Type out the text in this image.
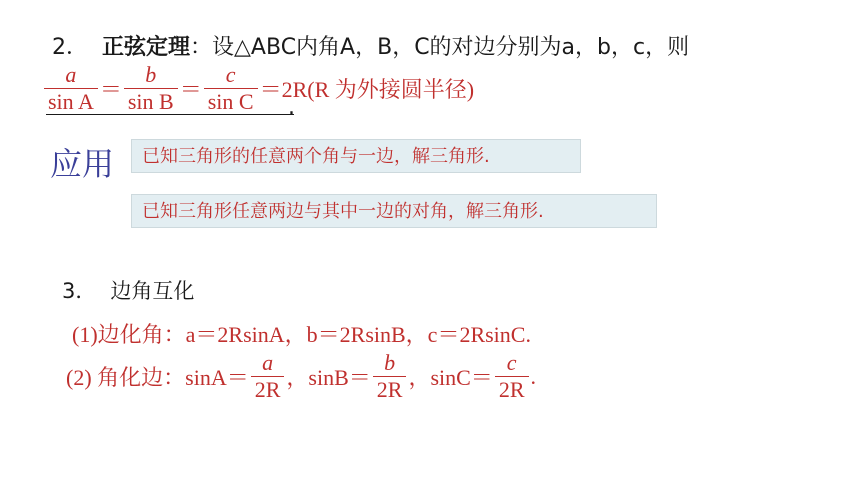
2． 正弦定理：设△ABC内角A，B，C的对边分别为a，b，c，则
$\frac{a}{\text{sin A}} = \frac{b}{\text{sin B}} = \frac{c}{\text{sin C}} =2R(R$ 为外接圆半径)
.
应用	已知三角形的任意两个角与一边，解三角形.
已知三角形任意两边与其中一边的对角，解三角形.
3． 边角互化
(1)边化角：a＝2RsinA，b＝2RsinB，c＝2RsinC.
(2) 角化边：$\sin A= \frac{a}{2R}$ ，$\sin B= \frac{b}{2R}$ ，$\sin C= \frac{c}{2R}$ .
